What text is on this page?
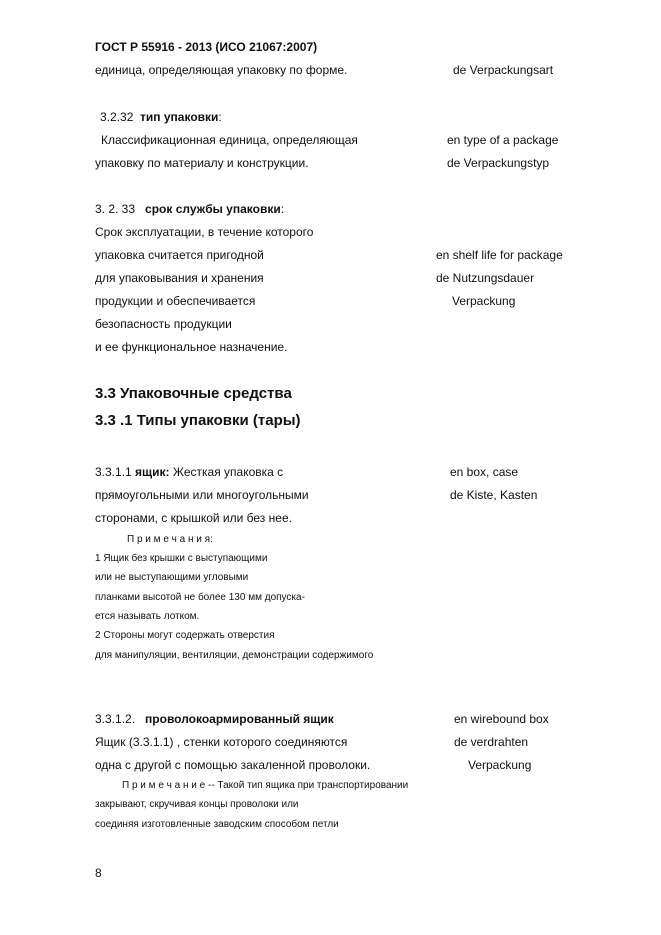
ГОСТ Р 55916 - 2013 (ИСО 21067:2007)
единица, определяющая упаковку по форме.	de Verpackungsart
3.2.32 тип упаковки:
Классификационная единица, определяющая	en type of a package
упаковку по материалу и конструкции.	de Verpackungstyp
3. 2. 33 срок службы упаковки:
Срок эксплуатации, в течение которого
упаковка считается пригодной	en shelf life for package
для упаковывания и хранения	de Nutzungsdauer
продукции и обеспечивается	Verpackung
безопасность продукции
и ее функциональное назначение.
3.3 Упаковочные средства
3.3 .1 Типы упаковки (тары)
3.3.1.1 ящик: Жесткая упаковка с	en box, case
прямоугольными или многоугольными	de Kiste, Kasten
сторонами, с крышкой или без нее.
П р и м е ч а н и я:
1 Ящик без крышки с выступающими
или не выступающими угловыми
планками высотой не более 130 мм допуска-
ется называть лотком.
2 Стороны могут содержать отверстия
для манипуляции, вентиляции, демонстрации содержимого
3.3.1.2. проволокоармированный ящик	en wirebound box
Ящик (3.3.1.1) , стенки которого соединяются	de verdrahten
одна с другой с помощью закаленной проволоки.	Verpackung
П р и м е ч а н и е -- Такой тип ящика при транспортировании
закрывают, скручивая концы проволоки или
соединяя изготовленные заводским способом петли
8
